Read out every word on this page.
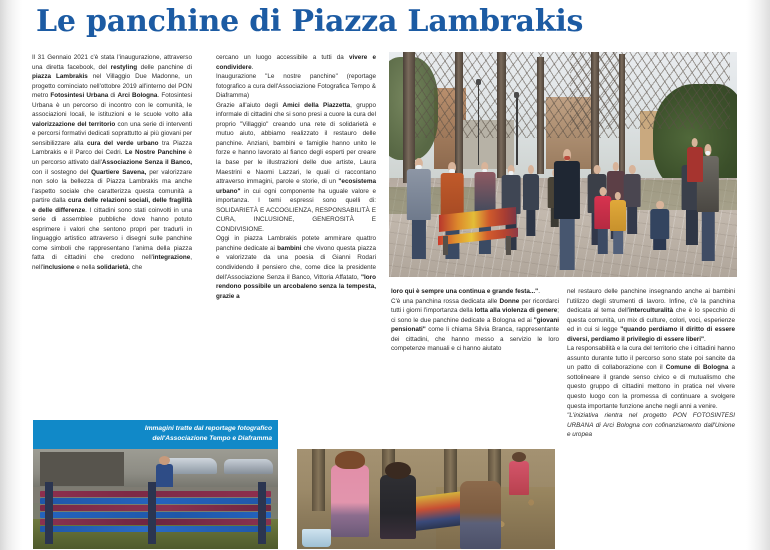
Le panchine di Piazza Lambrakis

Il 31 Gennaio 2021 c'è stata l'inaugurazione, attraverso una diretta facebook, del restyling delle panchine di piazza Lambrakis nel Villaggio Due Madonne, un progetto cominciato nell'ottobre 2019 all'interno del PON metro Fotosintesi Urbana di Arci Bologna. Fotosintesi Urbana è un percorso di incontro con le comunità, le associazioni locali, le istituzioni e le scuole volto alla valorizzazione del territorio con una serie di interventi e percorsi formativi dedicati soprattutto ai più giovani per sensibilizzare alla cura del verde urbano tra Piazza Lambrakis e il Parco dei Cedri. Le Nostre Panchine è un percorso attivato dall'Associazione Senza il Banco, con il sostegno del Quartiere Savena, per valorizzare non solo la bellezza di Piazza Lambrakis ma anche l'aspetto sociale che caratterizza questa comunità a partire dalla cura delle relazioni sociali, delle fragilità e delle differenze. I cittadini sono stati coinvolti in una serie di assemblee pubbliche dove hanno potuto esprimere i valori che sentono propri per tradurli in linguaggio artistico attraverso i disegni sulle panchine come simboli che rappresentano l'anima della piazza fatta di cittadini che credono nell'integrazione, nell'inclusione e nella solidarietà, che

cercano un luogo accessibile a tutti da vivere e condividere.

Inaugurazione "Le nostre panchine" (reportage fotografico a cura dell'Associazione Fotografica Tempo & Diaframma)

Grazie all'aiuto degli Amici della Piazzetta, gruppo informale di cittadini che si sono presi a cuore la cura del proprio "Villaggio" creando una rete di solidarietà e mutuo aiuto, abbiamo realizzato il restauro delle panchine. Anziani, bambini e famiglie hanno unito le forze e hanno lavorato al fianco degli esperti per creare la base per le illustrazioni delle due artiste, Laura Maestrini e Naomi Lazzari, le quali ci raccontano attraverso immagini, parole e storie, di un "ecosistema urbano" in cui ogni componente ha uguale valore e importanza. I temi espressi sono quelli di: SOLIDARIETÀ E ACCOGLIENZA, RESPONSABILITÀ E CURA, INCLUSIONE, GENEROSITÀ E CONDIVISIONE.

Oggi in piazza Lambrakis potete ammirare quattro panchine dedicate ai bambini che vivono questa piazza e valorizzate da una poesia di Gianni Rodari condividendo il pensiero che, come dice la presidente dell'Associazione Senza il Banco, Vittoria Affatato, "loro rendono possibile un arcobaleno senza la tempesta, grazie a

loro qui è sempre una continua e grande festa...".

C'è una panchina rossa dedicata alle Donne per ricordarci tutti i giorni l'importanza della lotta alla violenza di genere; ci sono le due panchine dedicate a Bologna ed ai "giovani pensionati" come li chiama Silvia Branca, rappresentante dei cittadini, che hanno messo a servizio le loro competenze manuali e ci hanno aiutato

nel restauro delle panchine insegnando anche ai bambini l'utilizzo degli strumenti di lavoro. Infine, c'è la panchina dedicata al tema dell'interculturalità che è lo specchio di questa comunità, un mix di culture, colori, voci, esperienze ed in cui si legge "quando perdiamo il diritto di essere diversi, perdiamo il privilegio di essere liberi".

La responsabilità e la cura del territorio che i cittadini hanno assunto durante tutto il percorso sono state poi sancite da un patto di collaborazione con il Comune di Bologna a sottolineare il grande senso civico e di mutualismo che questo gruppo di cittadini mettono in pratica nel vivere questo luogo con la promessa di continuare a svolgere questa importante funzione anche negli anni a venire.

"L'iniziativa rientra nel progetto PON FOTOSINTESI URBANA di Arci Bologna con cofinanziamento dall'Unione e uropea

Immagini tratte dal reportage fotografico
dell'Associazione Tempo e Diaframma
